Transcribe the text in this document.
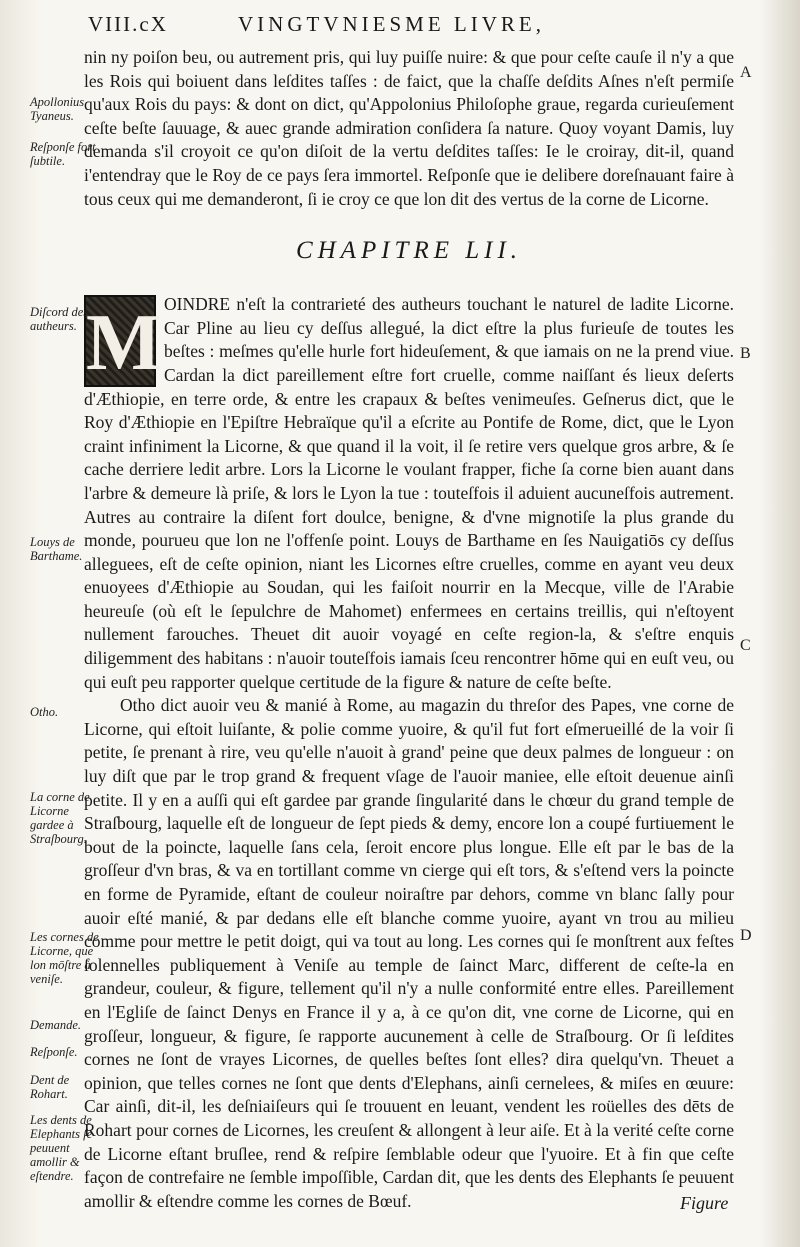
VIII.cX	VINGTVNIESME LIVRE,

nin ny poiſon beu, ou autrement pris, qui luy puiſſe nuire: & que pour ceſte cauſe il n'y a que les Rois qui boiuent dans leſdites taſſes : de faict, que la chaſſe deſdits Aſnes n'eſt permiſe qu'aux Rois du pays: & dont on dict, qu'Appolonius Philoſophe graue, regarda curieuſement ceſte beſte ſauuage, & auec grande admiration conſidera ſa nature. Quoy voyant Damis, luy demanda s'il croyoit ce qu'on diſoit de la vertu deſdites taſſes: Ie le croiray, dit-il, quand i'entendray que le Roy de ce pays ſera immortel. Reſponſe que ie delibere doreſnauant faire à tous ceux qui me demanderont, ſi ie croy ce que lon dit des vertus de la corne de Licorne.

CHAPITRE LII.
M OINDRE n'eſt la contrarieté des autheurs touchant le naturel de ladite Licorne. Car Pline au lieu cy deſſus allegué, la dict eſtre la plus furieuſe de toutes les beſtes : meſmes qu'elle hurle fort hideuſement, & que iamais on ne la prend viue. Cardan la dict pareillement eſtre fort cruelle, comme naiſſant és lieux deſerts d'Æthiopie, en terre orde, & entre les crapaux & beſtes venimeuſes. Geſnerus dict, que le Roy d'Æthiopie en l'Epiſtre Hebraïque qu'il a eſcrite au Pontife de Rome, dict, que le Lyon craint infiniment la Licorne, & que quand il la voit, il ſe retire vers quelque gros arbre, & ſe cache derriere ledit arbre. Lors la Licorne le voulant frapper, fiche ſa corne bien auant dans l'arbre & demeure là priſe, & lors le Lyon la tue : touteſfois il aduient aucuneſfois autrement. Autres au contraire la diſent fort doulce, benigne, & d'vne mignotiſe la plus grande du monde, pourueu que lon ne l'offenſe point. Louys de Barthame en ſes Nauigatiōs cy deſſus alleguees, eſt de ceſte opinion, niant les Licornes eſtre cruelles, comme en ayant veu deux enuoyees d'Æthiopie au Soudan, qui les faiſoit nourrir en la Mecque, ville de l'Arabie heureuſe (où eſt le ſepulchre de Mahomet) enfermees en certains treillis, qui n'eſtoyent nullement farouches. Theuet dit auoir voyagé en ceſte region-la, & s'eſtre enquis diligemment des habitans : n'auoir touteſfois iamais ſceu rencontrer hōme qui en euſt veu, ou qui euſt peu rapporter quelque certitude de la figure & nature de ceſte beſte.

Otho dict auoir veu & manié à Rome, au magazin du threſor des Papes, vne corne de Licorne, qui eſtoit luiſante, & polie comme yuoire, & qu'il fut fort eſmerueillé de la voir ſi petite, ſe prenant à rire, veu qu'elle n'auoit à grand' peine que deux palmes de longueur : on luy diſt que par le trop grand & frequent vſage de l'auoir maniee, elle eſtoit deuenue ainſi petite. Il y en a auſſi qui eſt gardee par grande ſingularité dans le chœur du grand temple de Straſbourg, laquelle eſt de longueur de ſept pieds & demy, encore lon a coupé furtiuement le bout de la poincte, laquelle ſans cela, ſeroit encore plus longue. Elle eſt par le bas de la groſſeur d'vn bras, & va en tortillant comme vn cierge qui eſt tors, & s'eſtend vers la poincte en forme de Pyramide, eſtant de couleur noiraſtre par dehors, comme vn blanc ſally pour auoir eſté manié, & par dedans elle eſt blanche comme yuoire, ayant vn trou au milieu comme pour mettre le petit doigt, qui va tout au long. Les cornes qui ſe monſtrent aux feſtes ſolennelles publiquement à Veniſe au temple de ſainct Marc, different de ceſte-la en grandeur, couleur, & figure, tellement qu'il n'y a nulle conformité entre elles. Pareillement en l'Egliſe de ſainct Denys en France il y a, à ce qu'on dit, vne corne de Licorne, qui en groſſeur, longueur, & figure, ſe rapporte aucunement à celle de Straſbourg. Or ſi leſdites cornes ne ſont de vrayes Licornes, de quelles beſtes ſont elles? dira quelqu'vn. Theuet a opinion, que telles cornes ne ſont que dents d'Elephans, ainſi cernelees, & miſes en œuure: Car ainſi, dit-il, les deſniaiſeurs qui ſe trouuent en leuant, vendent les roüelles des dēts de Rohart pour cornes de Licornes, les creuſent & allongent à leur aiſe. Et à la verité ceſte corne de Licorne eſtant bruſlee, rend & reſpire ſemblable odeur que l'yuoire. Et à fin que ceſte façon de contrefaire ne ſemble impoſſible, Cardan dit, que les dents des Elephants ſe peuuent amollir & eſtendre comme les cornes de Bœuf.

Apollonius Tyaneus.
Reſponſe fort ſubtile.
Diſcord des autheurs.
Louys de Barthame.
Otho.
La corne de Licorne gardee à Straſbourg.
Les cornes de Licorne, que lon mōſtre à veniſe.
Demande.
Reſponſe.
Dent de Rohart.
Les dents de Elephants ſe peuuent amollir & eſtendre.
A
B
C
D
Figure
